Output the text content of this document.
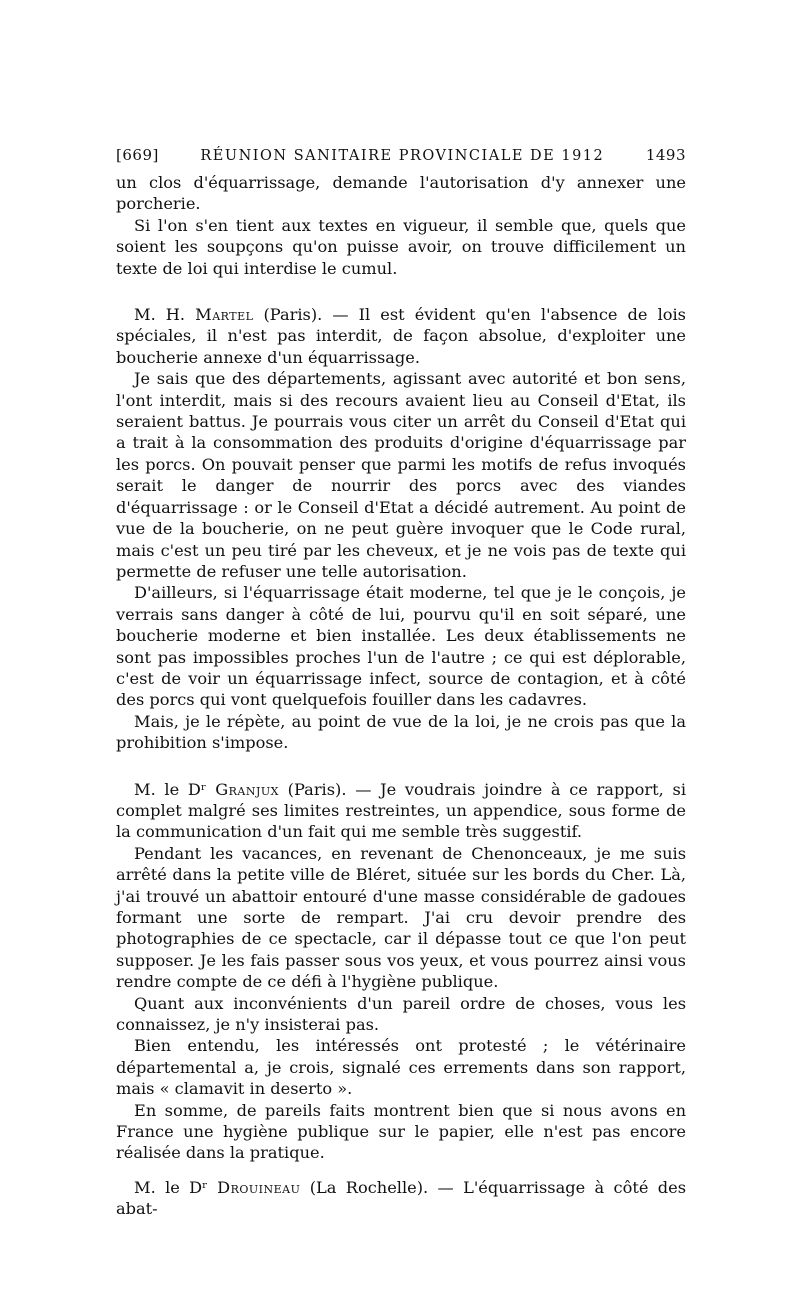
[669]	RÉUNION SANITAIRE PROVINCIALE DE 1912	1493

un clos d'équarrissage, demande l'autorisation d'y annexer une porcherie.

Si l'on s'en tient aux textes en vigueur, il semble que, quels que soient les soupçons qu'on puisse avoir, on trouve difficilement un texte de loi qui interdise le cumul.

M. H. Martel (Paris). — Il est évident qu'en l'absence de lois spéciales, il n'est pas interdit, de façon absolue, d'exploiter une boucherie annexe d'un équarrissage.

Je sais que des départements, agissant avec autorité et bon sens, l'ont interdit, mais si des recours avaient lieu au Conseil d'Etat, ils seraient battus. Je pourrais vous citer un arrêt du Conseil d'Etat qui a trait à la consommation des produits d'origine d'équarrissage par les porcs. On pouvait penser que parmi les motifs de refus invoqués serait le danger de nourrir des porcs avec des viandes d'équarrissage : or le Conseil d'Etat a décidé autrement. Au point de vue de la boucherie, on ne peut guère invoquer que le Code rural, mais c'est un peu tiré par les cheveux, et je ne vois pas de texte qui permette de refuser une telle autorisation.

D'ailleurs, si l'équarrissage était moderne, tel que je le conçois, je verrais sans danger à côté de lui, pourvu qu'il en soit séparé, une boucherie moderne et bien installée. Les deux établissements ne sont pas impossibles proches l'un de l'autre ; ce qui est déplorable, c'est de voir un équarrissage infect, source de contagion, et à côté des porcs qui vont quelquefois fouiller dans les cadavres.

Mais, je le répète, au point de vue de la loi, je ne crois pas que la prohibition s'impose.

M. le Dʳ Granjux (Paris). — Je voudrais joindre à ce rapport, si complet malgré ses limites restreintes, un appendice, sous forme de la communication d'un fait qui me semble très suggestif.

Pendant les vacances, en revenant de Chenonceaux, je me suis arrêté dans la petite ville de Bléret, située sur les bords du Cher. Là, j'ai trouvé un abattoir entouré d'une masse considérable de gadoues formant une sorte de rempart. J'ai cru devoir prendre des photographies de ce spectacle, car il dépasse tout ce que l'on peut supposer. Je les fais passer sous vos yeux, et vous pourrez ainsi vous rendre compte de ce défi à l'hygiène publique.

Quant aux inconvénients d'un pareil ordre de choses, vous les connaissez, je n'y insisterai pas.

Bien entendu, les intéressés ont protesté ; le vétérinaire départemental a, je crois, signalé ces errements dans son rapport, mais « clamavit in deserto ».

En somme, de pareils faits montrent bien que si nous avons en France une hygiène publique sur le papier, elle n'est pas encore réalisée dans la pratique.

M. le Dʳ Drouineau (La Rochelle). — L'équarrissage à côté des abat-
